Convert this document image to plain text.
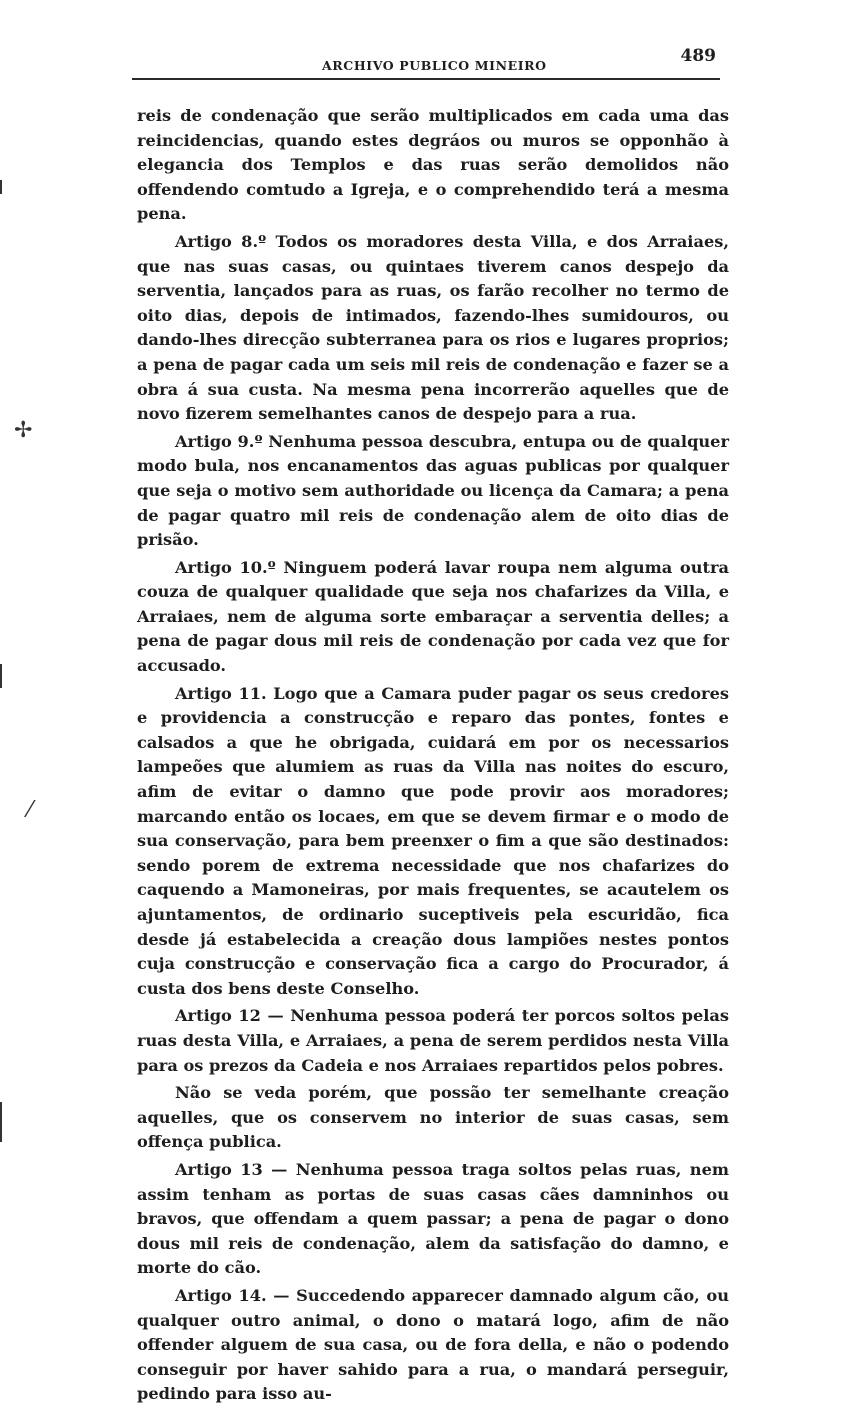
ARCHIVO PUBLICO MINEIRO	489

reis de condenação que serão multiplicados em cada uma das reincidencias, quando estes degráos ou muros se opponhão à elegancia dos Templos e das ruas serão demolidos não offendendo comtudo a Igreja, e o comprehendido terá a mesma pena.

Artigo 8.º Todos os moradores desta Villa, e dos Arraiaes, que nas suas casas, ou quintaes tiverem canos despejo da serventia, lançados para as ruas, os farão recolher no termo de oito dias, depois de intimados, fazendo-lhes sumidouros, ou dando-lhes direcção subterranea para os rios e lugares proprios; a pena de pagar cada um seis mil reis de condenação e fazer se a obra á sua custa. Na mesma pena incorrerão aquelles que de novo fizerem semelhantes canos de despejo para a rua.

Artigo 9.º Nenhuma pessoa descubra, entupa ou de qualquer modo bula, nos encanamentos das aguas publicas por qualquer que seja o motivo sem authoridade ou licença da Camara; a pena de pagar quatro mil reis de condenação alem de oito dias de prisão.

Artigo 10.º Ninguem poderá lavar roupa nem alguma outra couza de qualquer qualidade que seja nos chafarizes da Villa, e Arraiaes, nem de alguma sorte embaraçar a serventia delles; a pena de pagar dous mil reis de condenação por cada vez que for accusado.

Artigo 11. Logo que a Camara puder pagar os seus credores e providencia a construcção e reparo das pontes, fontes e calsados a que he obrigada, cuidará em por os necessarios lampeões que alumiem as ruas da Villa nas noites do escuro, afim de evitar o damno que pode provir aos moradores; marcando então os locaes, em que se devem firmar e o modo de sua conservação, para bem preenxer o fim a que são destinados: sendo porem de extrema necessidade que nos chafarizes do caquendo a Mamoneiras, por mais frequentes, se acautelem os ajuntamentos, de ordinario suceptiveis pela escuridão, fica desde já estabelecida a creação dous lampiões nestes pontos cuja construcção e conservação fica a cargo do Procurador, á custa dos bens deste Conselho.

Artigo 12 — Nenhuma pessoa poderá ter porcos soltos pelas ruas desta Villa, e Arraiaes, a pena de serem perdidos nesta Villa para os prezos da Cadeia e nos Arraiaes repartidos pelos pobres.

Não se veda porém, que possão ter semelhante creação aquelles, que os conservem no interior de suas casas, sem offença publica.

Artigo 13 — Nenhuma pessoa traga soltos pelas ruas, nem assim tenham as portas de suas casas cães damninhos ou bravos, que offendam a quem passar; a pena de pagar o dono dous mil reis de condenação, alem da satisfação do damno, e morte do cão.

Artigo 14. — Succedendo apparecer damnado algum cão, ou qualquer outro animal, o dono o matará logo, afim de não offender alguem de sua casa, ou de fora della, e não o podendo conseguir por haver sahido para a rua, o mandará perseguir, pedindo para isso au-

✢
⁄
